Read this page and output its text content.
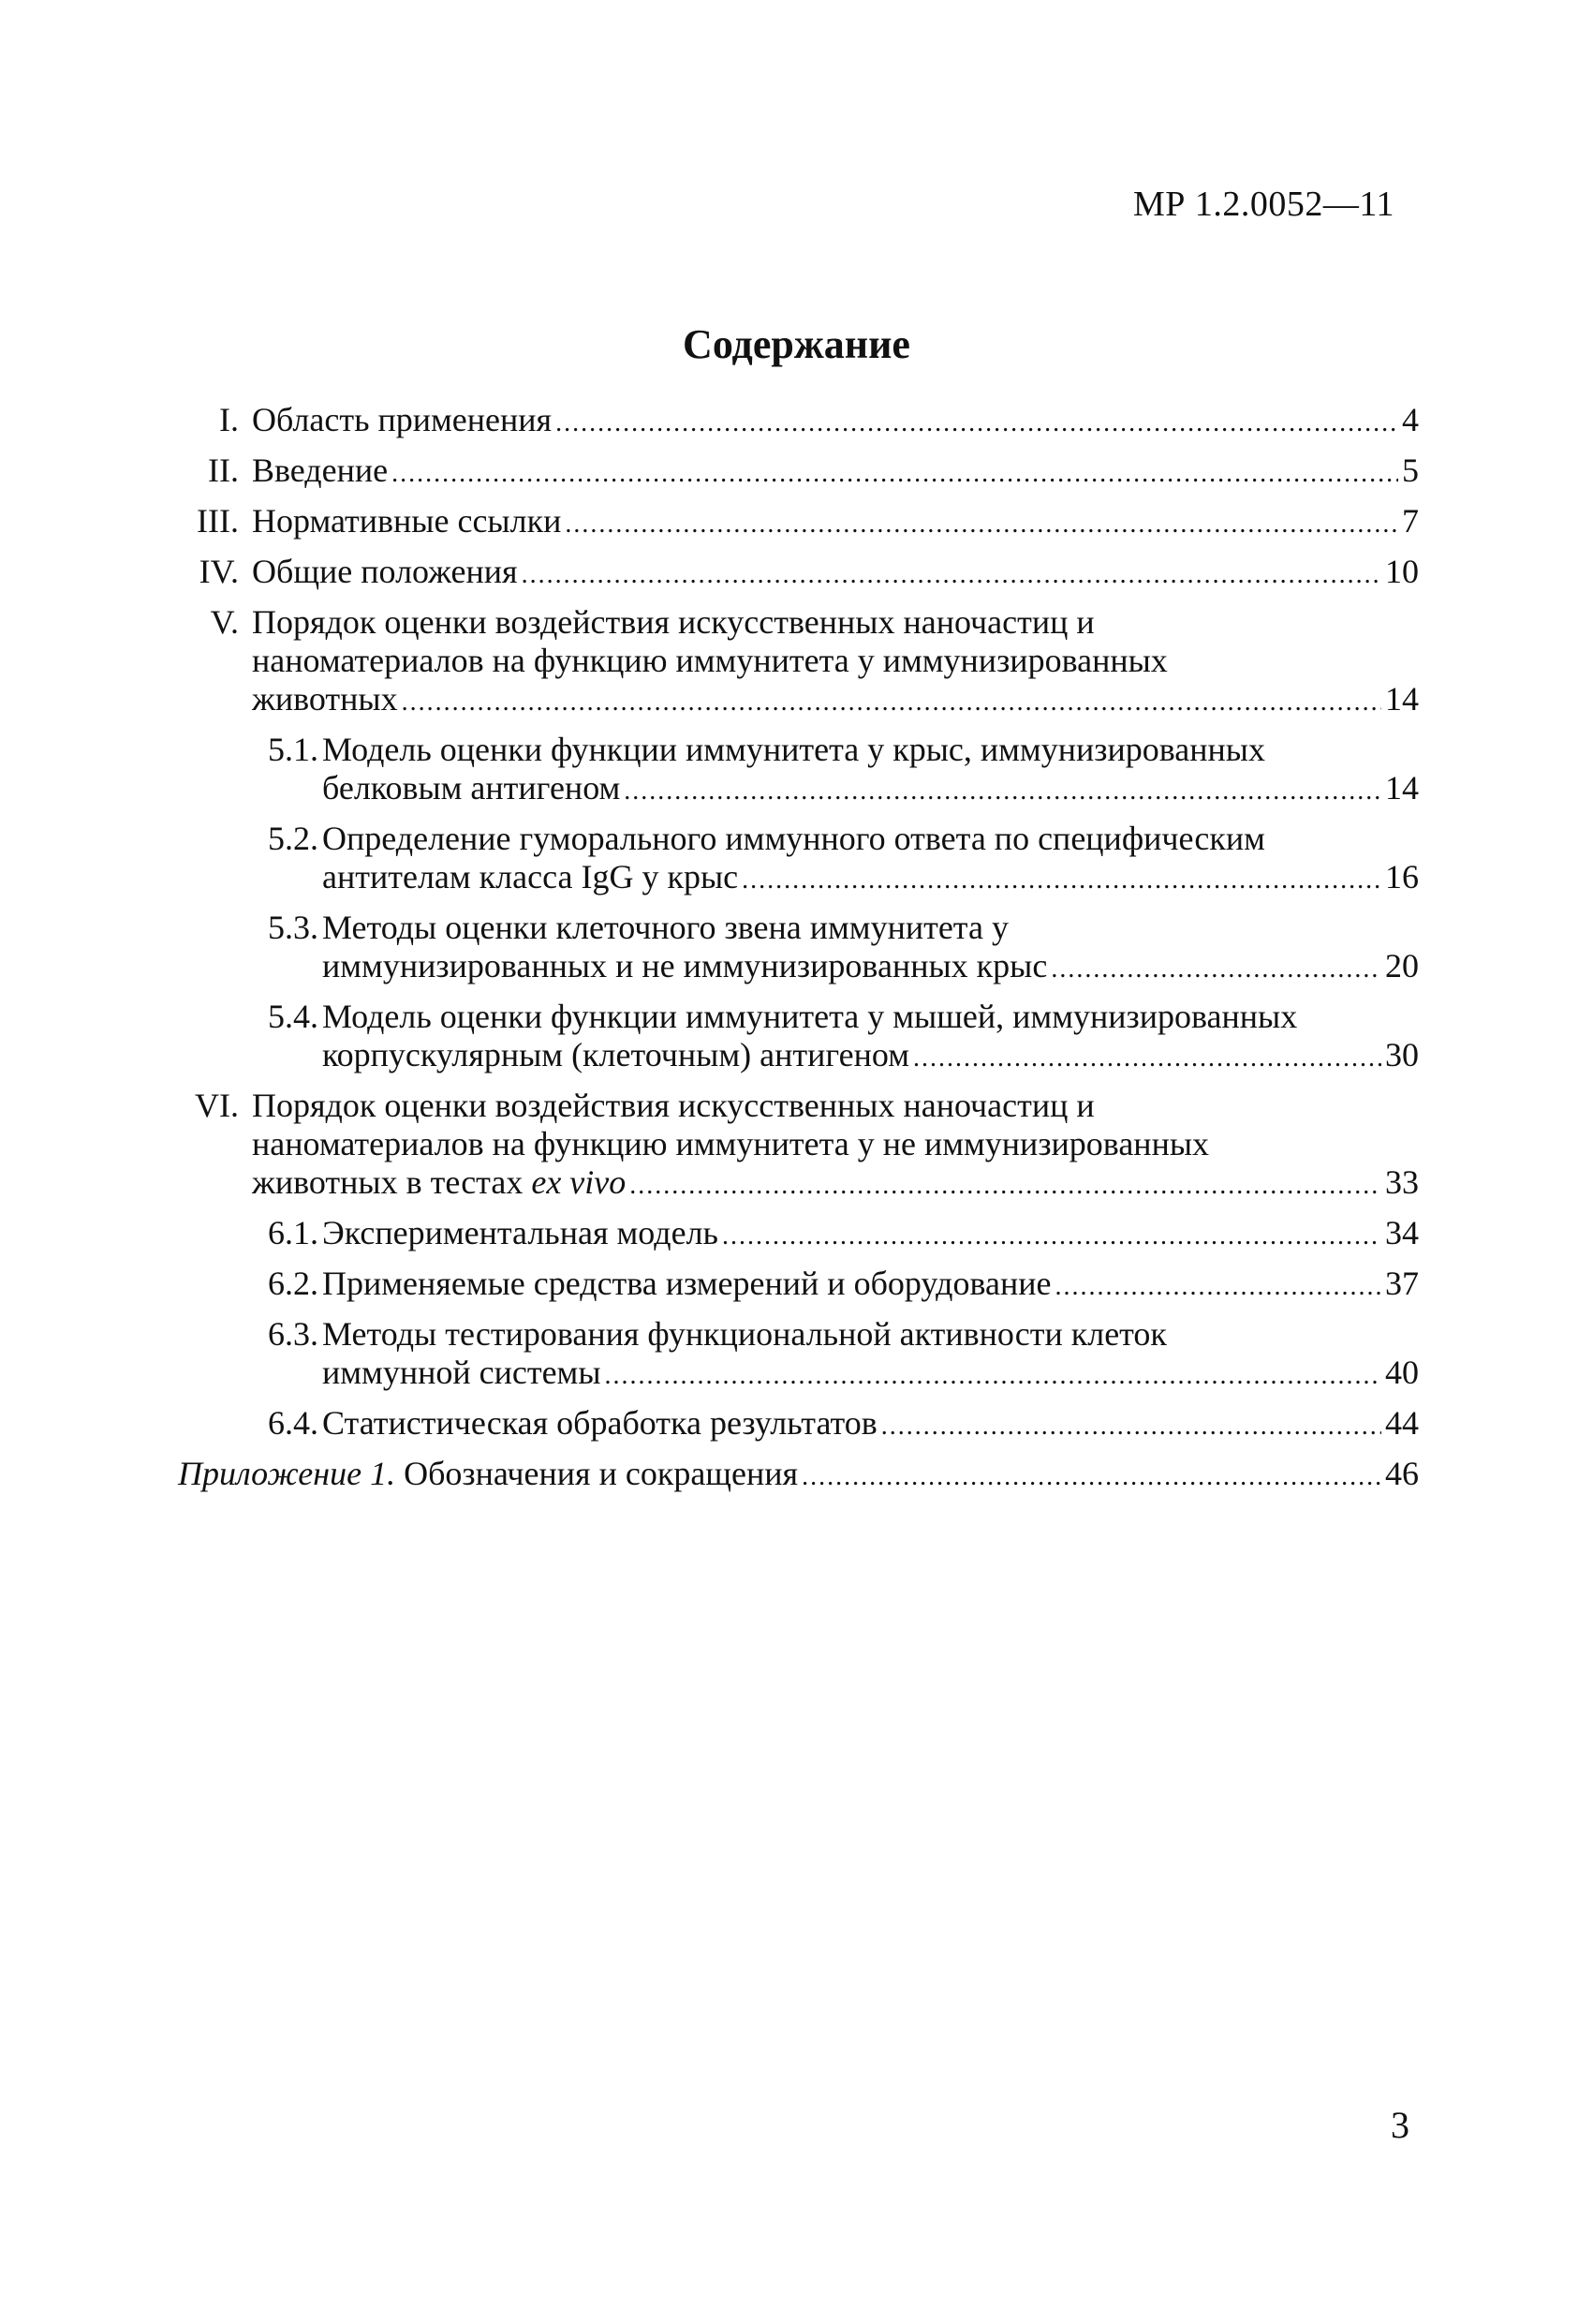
МР 1.2.0052—11
Содержание
I. Область применения .....	4
II. Введение .....	5
III. Нормативные ссылки .....	7
IV. Общие положения .....	10
V. Порядок оценки воздействия искусственных наночастиц и
наноматериалов на функцию иммунитета у иммунизированных
животных .....	14
5.1. Модель оценки функции иммунитета у крыс, иммунизированных
белковым антигеном .....	14
5.2. Определение гуморального иммунного ответа по специфическим
антителам класса IgG у крыс .....	16
5.3. Методы оценки клеточного звена иммунитета у
иммунизированных и не иммунизированных крыс .....	20
5.4. Модель оценки функции иммунитета у мышей, иммунизированных
корпускулярным (клеточным) антигеном .....	30
VI. Порядок оценки воздействия искусственных наночастиц и
наноматериалов на функцию иммунитета у не иммунизированных
животных в тестах ex vivo .....	33
6.1. Экспериментальная модель .....	34
6.2. Применяемые средства измерений и оборудование .....	37
6.3. Методы тестирования функциональной активности клеток
иммунной системы .....	40
6.4. Статистическая обработка результатов .....	44
Приложение 1. Обозначения и сокращения .....	46
3
